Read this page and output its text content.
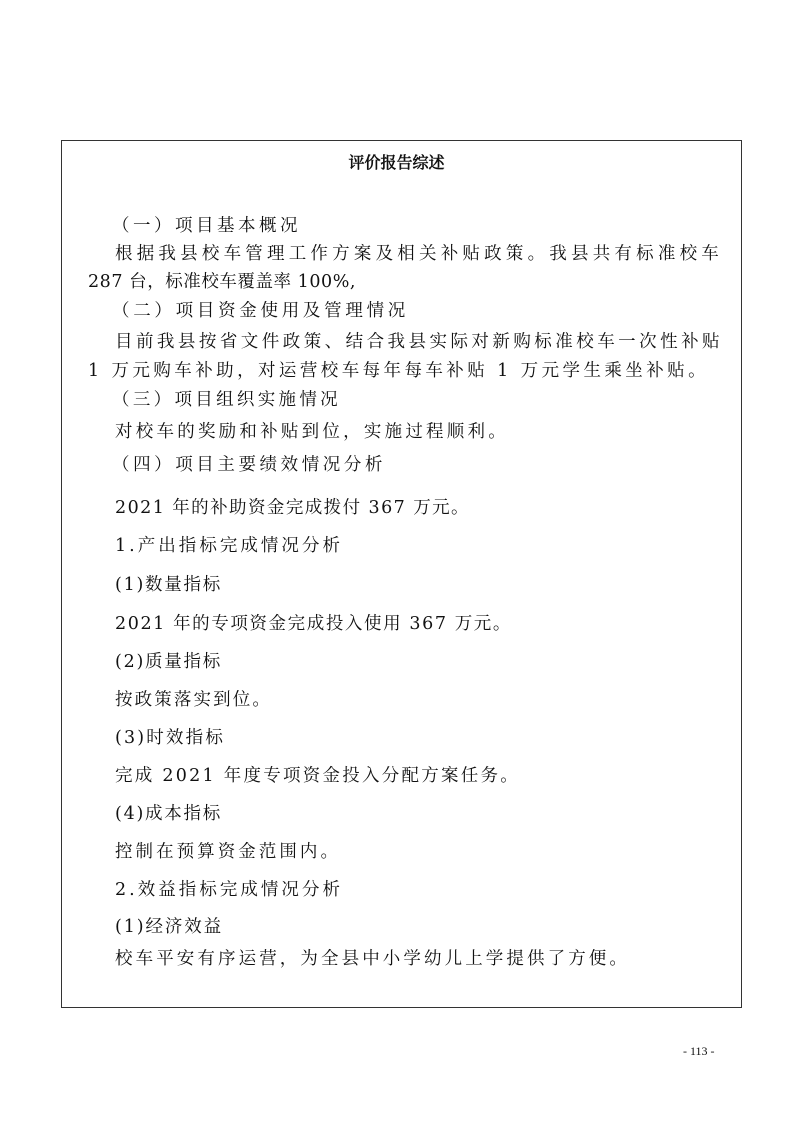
评价报告综述
（一）项目基本概况
根据我县校车管理工作方案及相关补贴政策。我县共有标准校车
287 台，标准校车覆盖率 100%,
（二）项目资金使用及管理情况
目前我县按省文件政策、结合我县实际对新购标准校车一次性补贴
1 万元购车补助，对运营校车每年每车补贴 1 万元学生乘坐补贴。
（三）项目组织实施情况
对校车的奖励和补贴到位，实施过程顺利。
（四）项目主要绩效情况分析
2021 年的补助资金完成拨付 367 万元。
1.产出指标完成情况分析
(1)数量指标
2021 年的专项资金完成投入使用 367 万元。
(2)质量指标
按政策落实到位。
(3)时效指标
完成 2021 年度专项资金投入分配方案任务。
(4)成本指标
控制在预算资金范围内。
2.效益指标完成情况分析
(1)经济效益
校车平安有序运营，为全县中小学幼儿上学提供了方便。
- 113 -
